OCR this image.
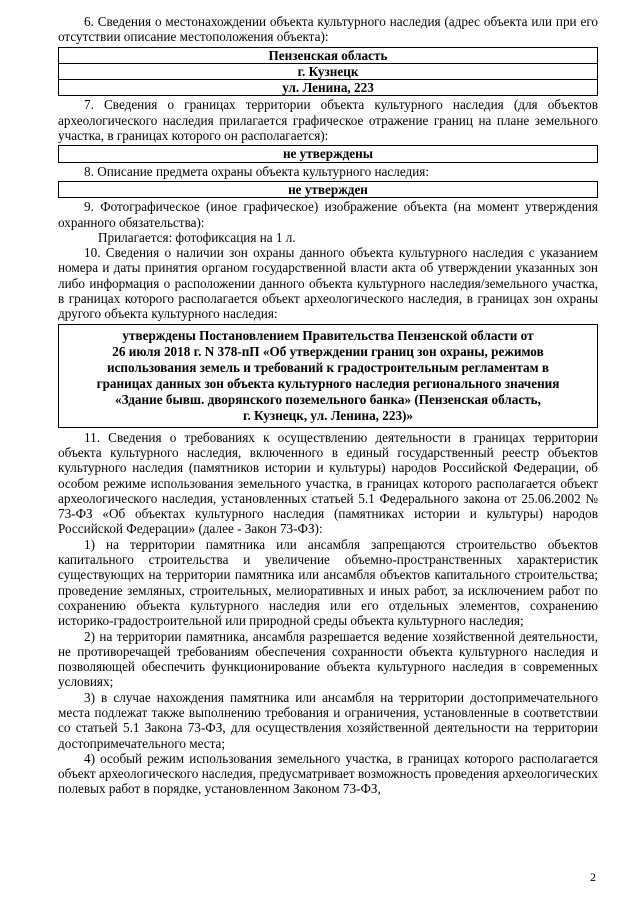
6. Сведения о местонахождении объекта культурного наследия (адрес объекта или при его отсутствии описание местоположения объекта):

Пензенская область
г. Кузнецк
ул. Ленина, 223

7. Сведения о границах территории объекта культурного наследия (для объектов археологического наследия прилагается графическое отражение границ на плане земельного участка, в границах которого он располагается):

не утверждены

8. Описание предмета охраны объекта культурного наследия:

не утвержден

9. Фотографическое (иное графическое) изображение объекта (на момент утверждения охранного обязательства):

Прилагается: фотофиксация на 1 л.

10. Сведения о наличии зон охраны данного объекта культурного наследия с указанием номера и даты принятия органом государственной власти акта об утверждении указанных зон либо информация о расположении данного объекта культурного наследия/земельного участка, в границах которого располагается объект археологического наследия, в границах зон охраны другого объекта культурного наследия:

утверждены Постановлением Правительства Пензенской области от
26 июля 2018 г. N 378-пП «Об утверждении границ зон охраны, режимов
использования земель и требований к градостроительным регламентам в
границах данных зон объекта культурного наследия регионального значения
«Здание бывш. дворянского поземельного банка» (Пензенская область,
г. Кузнецк, ул. Ленина, 223)»

11. Сведения о требованиях к осуществлению деятельности в границах территории объекта культурного наследия, включенного в единый государственный реестр объектов культурного наследия (памятников истории и культуры) народов Российской Федерации, об особом режиме использования земельного участка, в границах которого располагается объект археологического наследия, установленных статьей 5.1 Федерального закона от 25.06.2002 № 73-ФЗ «Об объектах культурного наследия (памятниках истории и культуры) народов Российской Федерации» (далее - Закон 73-ФЗ):

1) на территории памятника или ансамбля запрещаются строительство объектов капитального строительства и увеличение объемно-пространственных характеристик существующих на территории памятника или ансамбля объектов капитального строительства; проведение земляных, строительных, мелиоративных и иных работ, за исключением работ по сохранению объекта культурного наследия или его отдельных элементов, сохранению историко-градостроительной или природной среды объекта культурного наследия;

2) на территории памятника, ансамбля разрешается ведение хозяйственной деятельности, не противоречащей требованиям обеспечения сохранности объекта культурного наследия и позволяющей обеспечить функционирование объекта культурного наследия в современных условиях;

3) в случае нахождения памятника или ансамбля на территории достопримечательного места подлежат также выполнению требования и ограничения, установленные в соответствии со статьей 5.1 Закона 73-ФЗ, для осуществления хозяйственной деятельности на территории достопримечательного места;

4) особый режим использования земельного участка, в границах которого располагается объект археологического наследия, предусматривает возможность проведения археологических полевых работ в порядке, установленном Законом 73-ФЗ,

2
